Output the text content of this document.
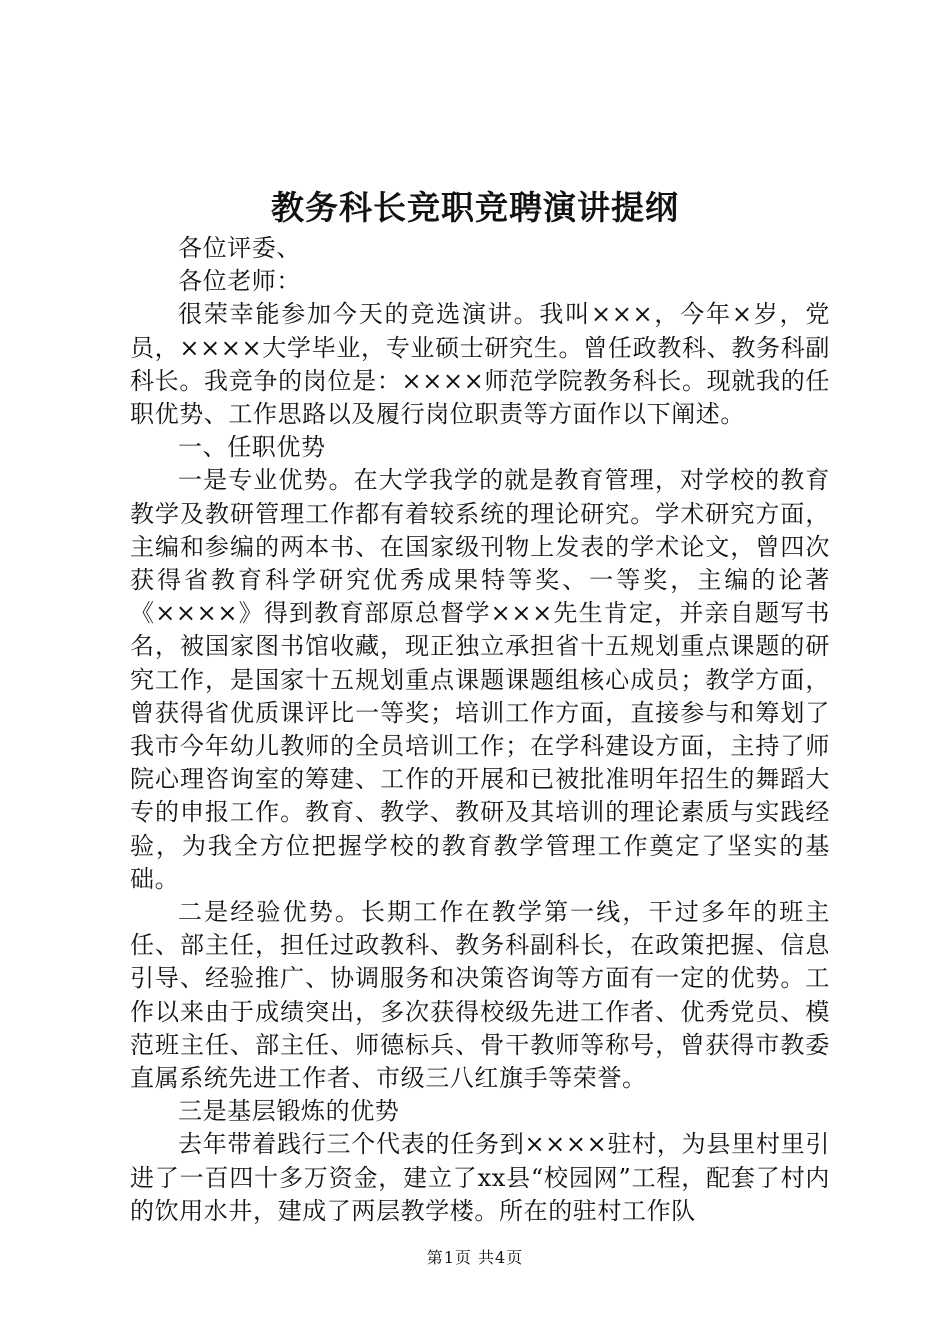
教务科长竞职竞聘演讲提纲

各位评委、

各位老师：

很荣幸能参加今天的竞选演讲。我叫×××，今年×岁，党员，××××大学毕业，专业硕士研究生。曾任政教科、教务科副科长。我竞争的岗位是：××××师范学院教务科长。现就我的任职优势、工作思路以及履行岗位职责等方面作以下阐述。

一、任职优势

一是专业优势。在大学我学的就是教育管理，对学校的教育教学及教研管理工作都有着较系统的理论研究。学术研究方面，主编和参编的两本书、在国家级刊物上发表的学术论文，曾四次获得省教育科学研究优秀成果特等奖、一等奖，主编的论著《××××》得到教育部原总督学×××先生肯定，并亲自题写书名，被国家图书馆收藏，现正独立承担省十五规划重点课题的研究工作，是国家十五规划重点课题课题组核心成员；教学方面，曾获得省优质课评比一等奖；培训工作方面，直接参与和筹划了我市今年幼儿教师的全员培训工作；在学科建设方面，主持了师院心理咨询室的筹建、工作的开展和已被批准明年招生的舞蹈大专的申报工作。教育、教学、教研及其培训的理论素质与实践经验，为我全方位把握学校的教育教学管理工作奠定了坚实的基础。

二是经验优势。长期工作在教学第一线，干过多年的班主任、部主任，担任过政教科、教务科副科长，在政策把握、信息引导、经验推广、协调服务和决策咨询等方面有一定的优势。工作以来由于成绩突出，多次获得校级先进工作者、优秀党员、模范班主任、部主任、师德标兵、骨干教师等称号，曾获得市教委直属系统先进工作者、市级三八红旗手等荣誉。

三是基层锻炼的优势

去年带着践行三个代表的任务到××××驻村，为县里村里引进了一百四十多万资金，建立了xx县“校园网”工程，配套了村内的饮用水井，建成了两层教学楼。所在的驻村工作队

第1页 共4页
